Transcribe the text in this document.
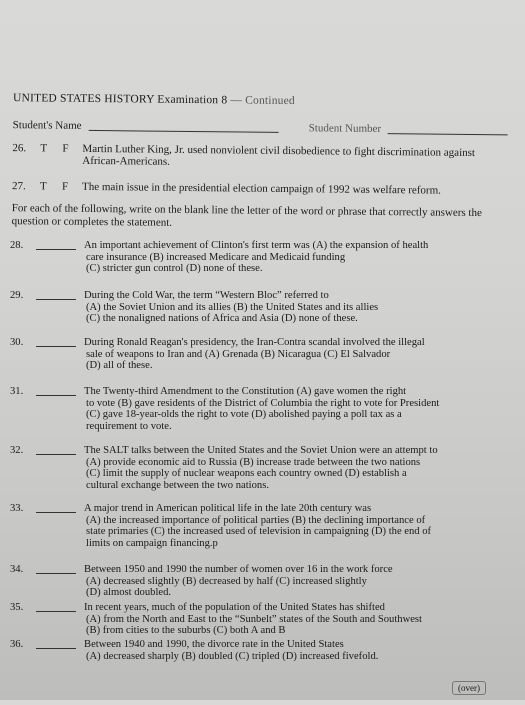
UNITED STATES HISTORY Examination 8 — Continued
Student's Name	Student Number
26. T F Martin Luther King, Jr. used nonviolent civil disobedience to fight discrimination against African-Americans.
27. T F The main issue in the presidential election campaign of 1992 was welfare reform.
For each of the following, write on the blank line the letter of the word or phrase that correctly answers the question or completes the statement.
28.	An important achievement of Clinton's first term was (A) the expansion of health
care insurance (B) increased Medicare and Medicaid funding
(C) stricter gun control (D) none of these.
29.	During the Cold War, the term “Western Bloc” referred to
(A) the Soviet Union and its allies (B) the United States and its allies
(C) the nonaligned nations of Africa and Asia (D) none of these.
30.	During Ronald Reagan's presidency, the Iran-Contra scandal involved the illegal
sale of weapons to Iran and (A) Grenada (B) Nicaragua (C) El Salvador
(D) all of these.
31.	The Twenty-third Amendment to the Constitution (A) gave women the right
to vote (B) gave residents of the District of Columbia the right to vote for President
(C) gave 18-year-olds the right to vote (D) abolished paying a poll tax as a
requirement to vote.
32.	The SALT talks between the United States and the Soviet Union were an attempt to
(A) provide economic aid to Russia (B) increase trade between the two nations
(C) limit the supply of nuclear weapons each country owned (D) establish a
cultural exchange between the two nations.
33.	A major trend in American political life in the late 20th century was
(A) the increased importance of political parties (B) the declining importance of
state primaries (C) the increased used of television in campaigning (D) the end of
limits on campaign financing.p
34.	Between 1950 and 1990 the number of women over 16 in the work force
(A) decreased slightly (B) decreased by half (C) increased slightly
(D) almost doubled.
35.	In recent years, much of the population of the United States has shifted
(A) from the North and East to the “Sunbelt” states of the South and Southwest
(B) from cities to the suburbs (C) both A and B
36.	Between 1940 and 1990, the divorce rate in the United States
(A) decreased sharply (B) doubled (C) tripled (D) increased fivefold.
(over)
